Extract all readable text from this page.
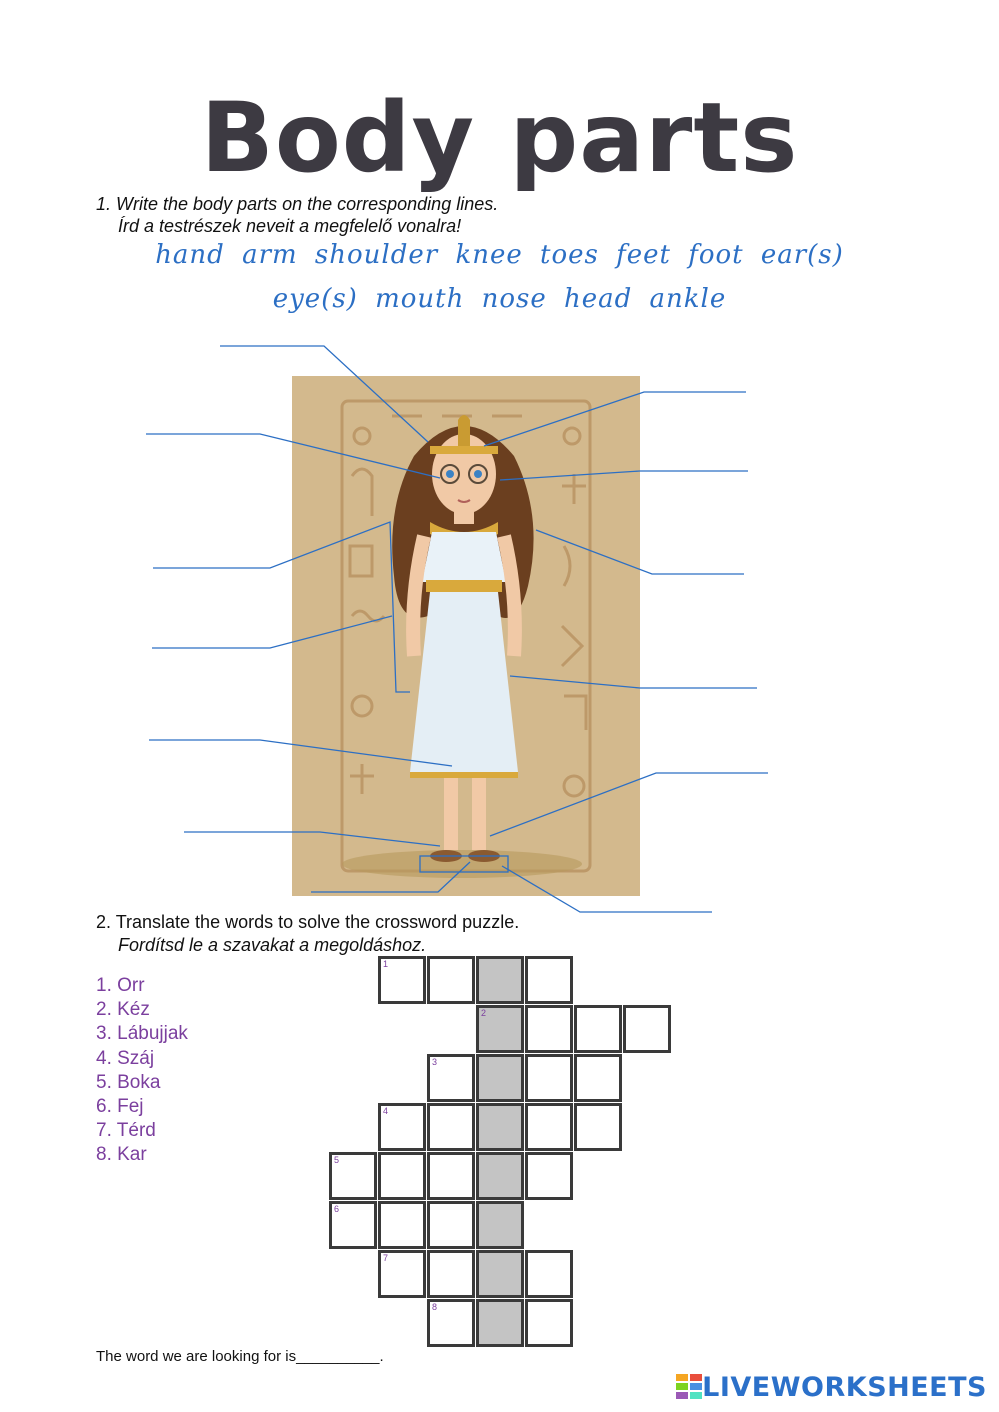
Body parts
1. Write the body parts on the corresponding lines.
Írd a testrészek neveit a megfelelő vonalra!
hand arm shoulder knee toes feet foot ear(s)
eye(s) mouth nose head ankle
2. Translate the words to solve the crossword puzzle.
Fordítsd le a szavakat a megoldáshoz.
1. Orr
2. Kéz
3. Lábujjak
4. Száj
5. Boka
6. Fej
7. Térd
8. Kar
1
2
3
4
5
6
7
8
The word we are looking for is__________.
LIVEWORKSHEETS
